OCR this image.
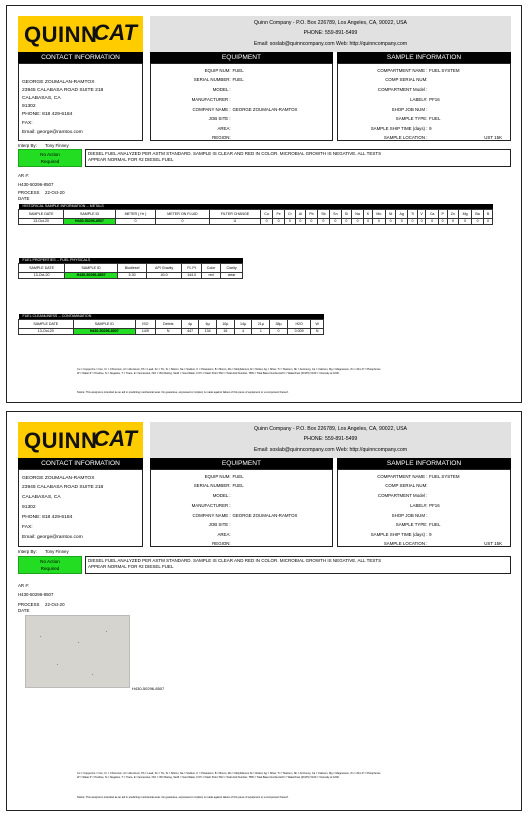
QUINN
CAT	Quinn Company - P.O. Box 226789, Los Angeles, CA, 90022, USA
PHONE: 559-891-5499
Email: soslab@quinncompany.com Web: http://quinncompany.com
CONTACT INFORMATION	EQUIPMENT	SAMPLE INFORMATION
GEORGE ZOUMALAN-RAMTOX
23945 CALABASA ROAD SUITE 218
CALABASAS, CA
91302
PHONE: 818 429-6184
FAX:
Email: george@ramtox.com
EQUIP NUM: FUEL
SERIAL NUMBER: FUEL
MODEL :
MANUFACTURER :
COMPANY NAME : GEORGE ZOUMALAN-RAMTOX
JOB SITE :
AREA:
REGION:
COMPARTMENT NAME : FUEL SYSTEM
COMP SERIAL NUM:
COMPARTMENT Model :
LABEL#: PF16
SHOP JOB NUM :
SAMPLE TYPE: FUEL
SAMPLE SHIP TIME (days) : 9
SAMPLE LOCATION :	UST 15K
Interp By: Tony Finney
No Action
Required
DIESEL FUEL ANALYZED PER ASTM STANDARD. SAMPLE IS CLEAR AND RED IN COLOR. MICROBIAL GROWTH IS NEGATIVE. ALL TESTS
APPEAR NORMAL FOR #2 DIESEL FUEL
AR #:
H430-50296-8507
PROCESS 22-Oct-20
DATE
HISTORICAL SAMPLE INFORMATION -- METALS																									
SAMPLE DATE	SAMPLE ID	METER ( Hr )	METER ON FLUID	FILTER CHANGE	Cu	Fe	Cr	Al	Pb	Sb	Sn	Si	Na	K	Mo	Ni	Ag	Ti	V	Ca	P	Zn	Mg	Ba	B
13-Oct-20	H430-50296-8507	0	0	U	0	0	0	0	0	0	0	0	0	0	0	0	0	0	0	0	0	0	0	0	0
FUEL PROPERTIES -- FUEL PHYSICALS						
SAMPLE DATE	SAMPLE ID	Biodiesel	API Gravity	FL Pt	Color	Clarity
13-Oct-20	H430-50296-8507	5.30	40.0	144.0	red	clear
FUEL CLEANLINESS -- CONTAMINATION											
SAMPLE DATE	SAMPLE ID	ISO	Debris	4µ	6µ	10µ	14µ	21µ	38µ	H2O	W
13-Oct-20	H430-50296-8507	14/9	N	447	134	16	4	1	0	0.009	N
Cu = Copper,Fe = Iron, Cr = Chromium, Al = Aluminum, Pb = Lead, Sn = Tin, Si = Silicon, Na = Sodium, K = Potassium, B = Boron, Mo = Molybdenum,Ni = Nickel, Ag = Silver, Ti = Titanium, Sb = Antimony, Ca = Calcium, Mg = Magnesium, Zn = Zinc,P = Phosphorus
W = Water,P = Positive, N = Negative, T = Trace, E = Excessive, ISO = ISO Rating, Sed/I = Soot Water, Fl Pt = Flash Point,TAN = Total Acid Number, TBN = Total Base Number,H2O = Water/Fuel (Pct/Pt) V100 = Viscosity at 100C
Notice: This analysis is intended as an aid in predicting mechanical wear. No guarantee, expressed or implied, is made against failure of this piece of equipment or a component thereof.
QUINN
CAT	Quinn Company - P.O. Box 226789, Los Angeles, CA, 90022, USA
PHONE: 559-891-5499
Email: soslab@quinncompany.com Web: http://quinncompany.com
CONTACT INFORMATION	EQUIPMENT	SAMPLE INFORMATION
GEORGE ZOUMALAN-RAMTOX
23945 CALABASA ROAD SUITE 218
CALABASAS, CA
91302
PHONE: 818 429-6184
FAX:
Email: george@ramtox.com
EQUIP NUM: FUEL
SERIAL NUMBER: FUEL
MODEL :
MANUFACTURER :
COMPANY NAME : GEORGE ZOUMALAN-RAMTOX
JOB SITE :
AREA:
REGION:
COMPARTMENT NAME : FUEL SYSTEM
COMP SERIAL NUM:
COMPARTMENT Model :
LABEL#: PF16
SHOP JOB NUM :
SAMPLE TYPE: FUEL
SAMPLE SHIP TIME (days) : 9
SAMPLE LOCATION :	UST 15K
Interp By: Tony Finney
No Action
Required
DIESEL FUEL ANALYZED PER ASTM STANDARD. SAMPLE IS CLEAR AND RED IN COLOR. MICROBIAL GROWTH IS NEGATIVE. ALL TESTS
APPEAR NORMAL FOR #2 DIESEL FUEL
AR #:
H430-50296-8507
PROCESS 22-Oct-20
DATE
H430-50296-8507
Cu = Copper,Fe = Iron, Cr = Chromium, Al = Aluminum, Pb = Lead, Sn = Tin, Si = Silicon, Na = Sodium, K = Potassium, B = Boron, Mo = Molybdenum,Ni = Nickel, Ag = Silver, Ti = Titanium, Sb = Antimony, Ca = Calcium, Mg = Magnesium, Zn = Zinc,P = Phosphorus
W = Water,P = Positive, N = Negative, T = Trace, E = Excessive, ISO = ISO Rating, Sed/I = Soot Water, Fl Pt = Flash Point,TAN = Total Acid Number, TBN = Total Base Number,H2O = Water/Fuel (Pct/Pt) V100 = Viscosity at 100C
Notice: This analysis is intended as an aid in predicting mechanical wear. No guarantee, expressed or implied, is made against failure of this piece of equipment or a component thereof.
